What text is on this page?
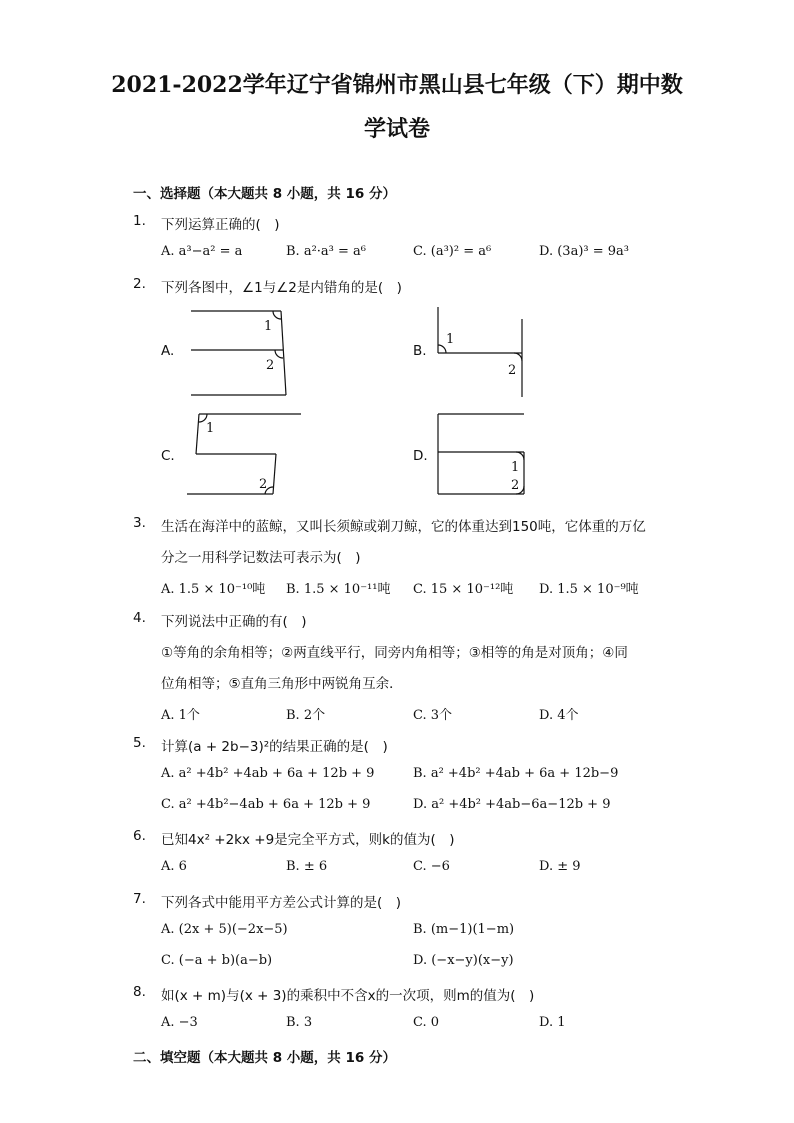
2021-2022学年辽宁省锦州市黑山县七年级（下）期中数
学试卷
一、选择题（本大题共 8 小题，共 16 分）
1. 下列运算正确的(　)
A. a³−a² = a	B. a²·a³ = a⁶	C. (a³)² = a⁶	D. (3a)³ = 9a³
2. 下列各图中，∠1与∠2是内错角的是(　)
A.	B.
C.	D.
1
2
1
2
1
2
1
2
3. 生活在海洋中的蓝鲸，又叫长须鲸或剃刀鲸，它的体重达到150吨，它体重的万亿
分之一用科学记数法可表示为(　)
A. 1.5 × 10⁻¹⁰吨 B. 1.5 × 10⁻¹¹吨 C. 15 × 10⁻¹²吨 D. 1.5 × 10⁻⁹吨
4. 下列说法中正确的有(　)
①等角的余角相等；②两直线平行，同旁内角相等；③相等的角是对顶角；④同
位角相等；⑤直角三角形中两锐角互余．
A. 1个	B. 2个	C. 3个	D. 4个
5. 计算(a + 2b−3)²的结果正确的是(　)
A. a² +4b² +4ab + 6a + 12b + 9	B. a² +4b² +4ab + 6a + 12b−9
C. a² +4b²−4ab + 6a + 12b + 9	D. a² +4b² +4ab−6a−12b + 9
6. 已知4x² +2kx +9是完全平方式，则k的值为(　)
A. 6	B. ± 6	C. −6	D. ± 9
7. 下列各式中能用平方差公式计算的是(　)
A. (2x + 5)(−2x−5)	B. (m−1)(1−m)
C. (−a + b)(a−b)	D. (−x−y)(x−y)
8. 如(x + m)与(x + 3)的乘积中不含x的一次项，则m的值为(　)
A. −3	B. 3	C. 0	D. 1
二、填空题（本大题共 8 小题，共 16 分）
